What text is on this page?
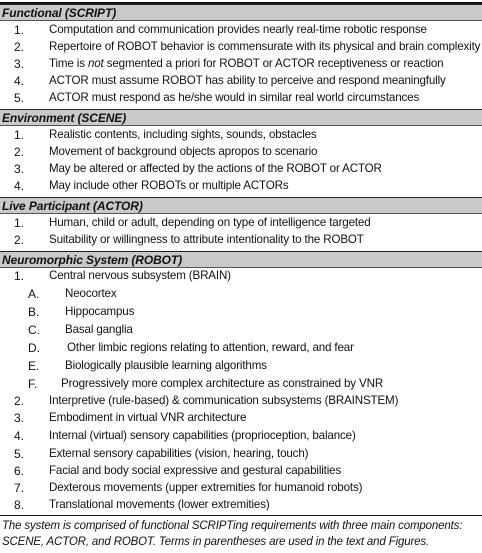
Functional (SCRIPT)
1. Computation and communication provides nearly real-time robotic response
2. Repertoire of ROBOT behavior is commensurate with its physical and brain complexity
3. Time is not segmented a priori for ROBOT or ACTOR receptiveness or reaction
4. ACTOR must assume ROBOT has ability to perceive and respond meaningfully
5. ACTOR must respond as he/she would in similar real world circumstances
Environment (SCENE)
1. Realistic contents, including sights, sounds, obstacles
2. Movement of background objects apropos to scenario
3. May be altered or affected by the actions of the ROBOT or ACTOR
4. May include other ROBOTs or multiple ACTORs
Live Participant (ACTOR)
1. Human, child or adult, depending on type of intelligence targeted
2. Suitability or willingness to attribute intentionality to the ROBOT
Neuromorphic System (ROBOT)
1. Central nervous subsystem (BRAIN)
A. Neocortex
B. Hippocampus
C. Basal ganglia
D. Other limbic regions relating to attention, reward, and fear
E. Biologically plausible learning algorithms
F. Progressively more complex architecture as constrained by VNR
2. Interpretive (rule-based) & communication subsystems (BRAINSTEM)
3. Embodiment in virtual VNR architecture
4. Internal (virtual) sensory capabilities (proprioception, balance)
5. External sensory capabilities (vision, hearing, touch)
6. Facial and body social expressive and gestural capabilities
7. Dexterous movements (upper extremities for humanoid robots)
8. Translational movements (lower extremities)
The system is comprised of functional SCRIPTing requirements with three main components:
SCENE, ACTOR, and ROBOT. Terms in parentheses are used in the text and Figures.
